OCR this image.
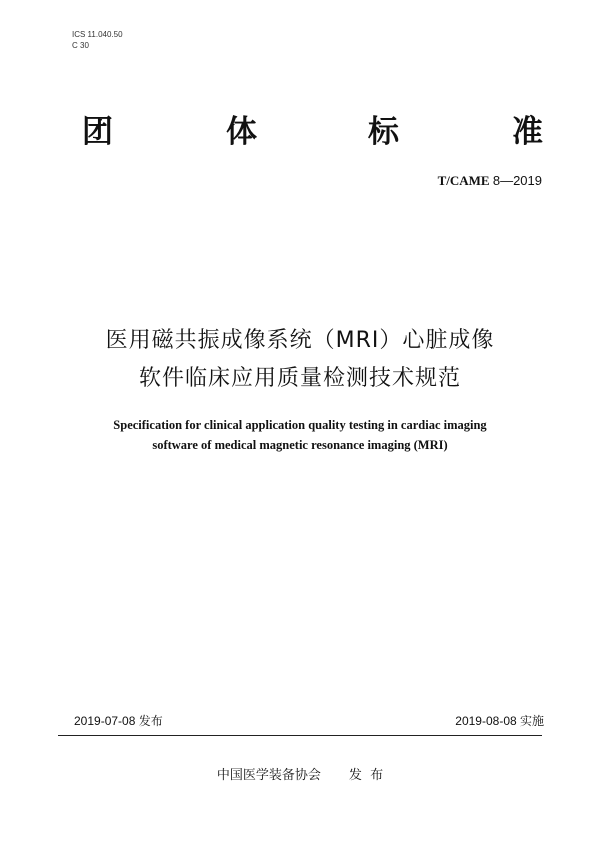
ICS 11.040.50
C 30
团	体	标	准
T/CAME 8—2019
医用磁共振成像系统（MRI）心脏成像
软件临床应用质量检测技术规范
Specification for clinical application quality testing in cardiac imaging
software of medical magnetic resonance imaging (MRI)
2019-07-08 发布	2019-08-08 实施
中国医学装备协会 发  布
